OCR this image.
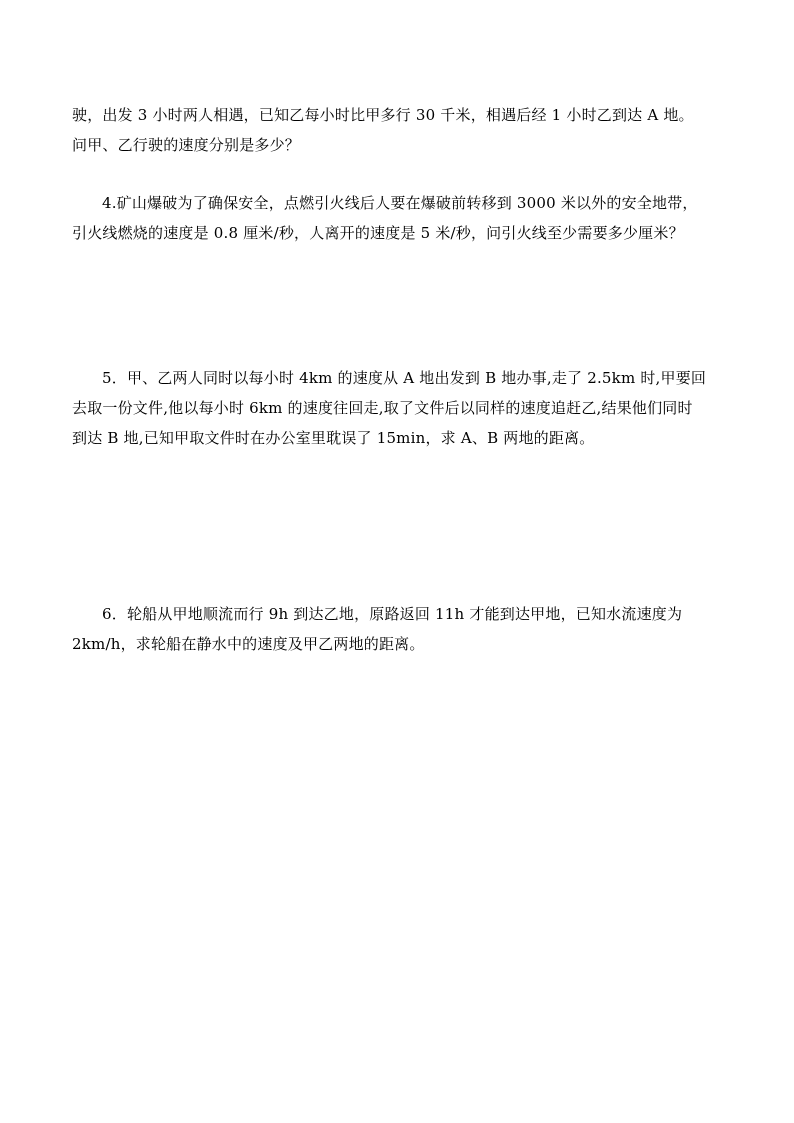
驶，出发 3 小时两人相遇，已知乙每小时比甲多行 30 千米，相遇后经 1 小时乙到达 A 地。
问甲、乙行驶的速度分别是多少？

4.矿山爆破为了确保安全，点燃引火线后人要在爆破前转移到 3000 米以外的安全地带，
引火线燃烧的速度是 0.8 厘米/秒，人离开的速度是 5 米/秒，问引火线至少需要多少厘米？

5．甲、乙两人同时以每小时 4km 的速度从 A 地出发到 B 地办事,走了 2.5km 时,甲要回
去取一份文件,他以每小时 6km 的速度往回走,取了文件后以同样的速度追赶乙,结果他们同时
到达 B 地,已知甲取文件时在办公室里耽误了 15min，求 A、B 两地的距离。

6．轮船从甲地顺流而行 9h 到达乙地，原路返回 11h 才能到达甲地，已知水流速度为
2km/h，求轮船在静水中的速度及甲乙两地的距离。
